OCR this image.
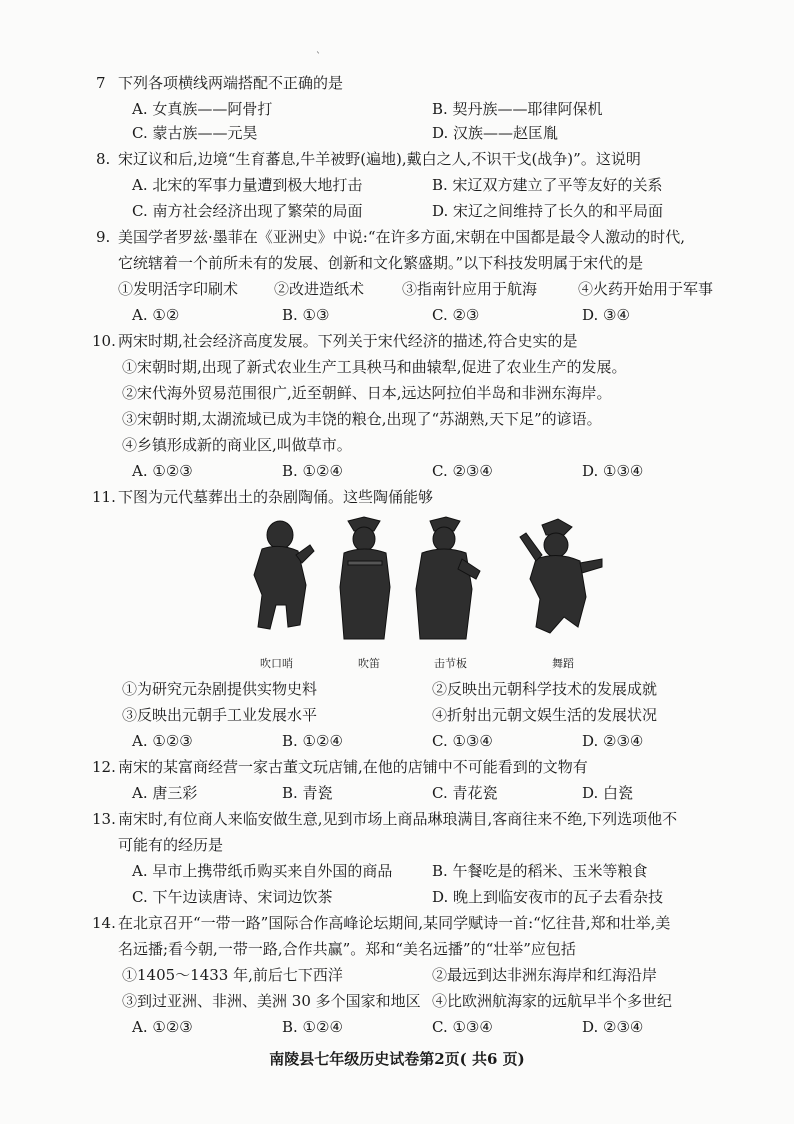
`
7 下列各项横线两端搭配不正确的是
A. 女真族——阿骨打	B. 契丹族——耶律阿保机
C. 蒙古族——元昊	D. 汉族——赵匡胤
8. 宋辽议和后,边境“生育蕃息,牛羊被野(遍地),戴白之人,不识干戈(战争)”。这说明
A. 北宋的军事力量遭到极大地打击	B. 宋辽双方建立了平等友好的关系
C. 南方社会经济出现了繁荣的局面	D. 宋辽之间维持了长久的和平局面
9. 美国学者罗兹·墨菲在《亚洲史》中说:“在许多方面,宋朝在中国都是最令人激动的时代,
它统辖着一个前所未有的发展、创新和文化繁盛期。”以下科技发明属于宋代的是
①发明活字印刷术 ②改进造纸术	③指南针应用于航海	④火药开始用于军事
A. ①②	B. ①③	C. ②③	D. ③④
10. 两宋时期,社会经济高度发展。下列关于宋代经济的描述,符合史实的是
①宋朝时期,出现了新式农业生产工具秧马和曲辕犁,促进了农业生产的发展。
②宋代海外贸易范围很广,近至朝鲜、日本,远达阿拉伯半岛和非洲东海岸。
③宋朝时期,太湖流域已成为丰饶的粮仓,出现了“苏湖熟,天下足”的谚语。
④乡镇形成新的商业区,叫做草市。
A. ①②③	B. ①②④	C. ②③④	D. ①③④
11. 下图为元代墓葬出土的杂剧陶俑。这些陶俑能够
吹口哨	吹笛	击节板	舞蹈
①为研究元杂剧提供实物史料	②反映出元朝科学技术的发展成就
③反映出元朝手工业发展水平	④折射出元朝文娱生活的发展状况
A. ①②③	B. ①②④	C. ①③④	D. ②③④
12. 南宋的某富商经营一家古董文玩店铺,在他的店铺中不可能看到的文物有
A. 唐三彩	B. 青瓷	C. 青花瓷	D. 白瓷
13. 南宋时,有位商人来临安做生意,见到市场上商品琳琅满目,客商往来不绝,下列选项他不
可能有的经历是
A. 早市上携带纸币购买来自外国的商品	B. 午餐吃是的稻米、玉米等粮食
C. 下午边读唐诗、宋词边饮茶	D. 晚上到临安夜市的瓦子去看杂技
14. 在北京召开“一带一路”国际合作高峰论坛期间,某同学赋诗一首:“忆往昔,郑和壮举,美
名远播;看今朝,一带一路,合作共赢”。郑和“美名远播”的“壮举”应包括
①1405～1433 年,前后七下西洋	②最远到达非洲东海岸和红海沿岸
③到过亚洲、非洲、美洲 30 多个国家和地区 ④比欧洲航海家的远航早半个多世纪
A. ①②③	B. ①②④	C. ①③④	D. ②③④
南陵县七年级历史试卷第2页( 共6 页)
